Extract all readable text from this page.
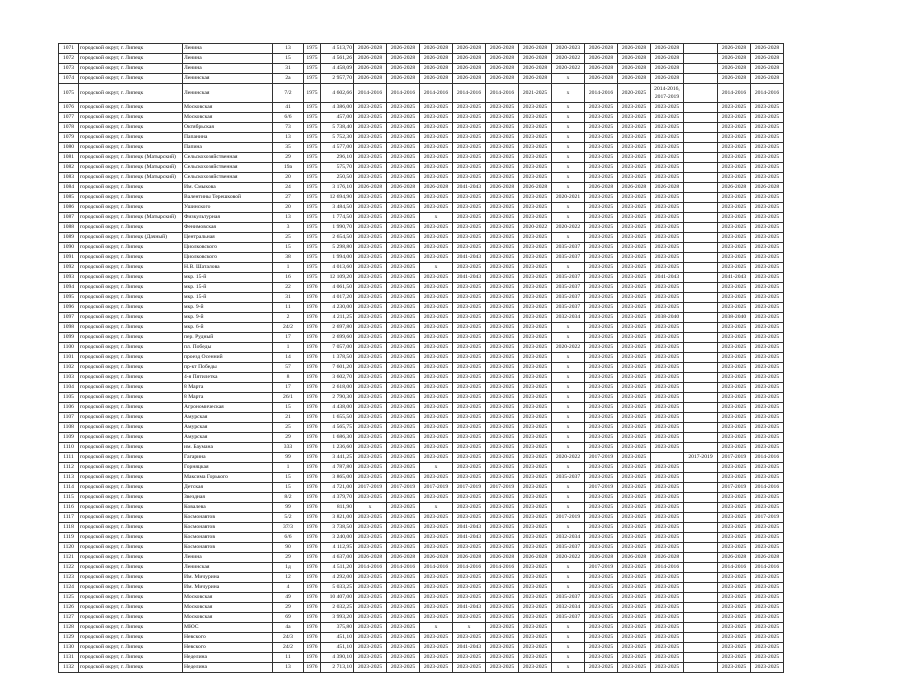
1071	городской округ, г. Липецк	Ленина	13	1975	4 513,70	2026-2028	2026-2028	2026-2028	2026-2028	2026-2028	2026-2028	2020-2023	2026-2028	2026-2028	2026-2028		2026-2028	2026-2028
1072	городской округ, г. Липецк	Ленина	15	1975	4 561,26	2026-2028	2026-2028	2026-2028	2026-2028	2026-2028	2026-2028	2020-2022	2026-2028	2026-2028	2026-2028		2026-2028	2026-2028
1073	городской округ, г. Липецк	Ленина	31	1975	4 458,09	2026-2028	2026-2028	2026-2028	2026-2028	2026-2028	2026-2028	2020-2022	2026-2028	2026-2028	2026-2028		2026-2028	2026-2028
1074	городской округ, г. Липецк	Ленинская	2а	1975	2 957,70	2026-2028	2026-2028	2026-2028	2026-2028	2026-2028	2026-2028	х	2026-2028	2026-2028	2026-2028		2026-2028	2026-2028
1075	городской округ, г. Липецк	Ленинская	7/2	1975	4 602,66	2014-2016	2014-2016	2014-2016	2014-2016	2014-2016	2021-2025	х	2014-2016	2020-2025	2014-2016, 2017-2019		2014-2016	2014-2016
1076	городской округ, г. Липецк	Московская	41	1975	4 386,00	2023-2025	2023-2025	2023-2025	2023-2025	2023-2025	2023-2025	х	2023-2025	2023-2025	2023-2025		2023-2025	2023-2025
1077	городской округ, г. Липецк	Московская	6/6	1975	457,00	2023-2025	2023-2025	2023-2025	2023-2025	2023-2025	2023-2025	х	2023-2025	2023-2025	2023-2025		2023-2025	2023-2025
1078	городской округ, г. Липецк	Октябрьская	73	1975	5 738,40	2023-2025	2023-2025	2023-2025	2023-2025	2023-2025	2023-2025	х	2023-2025	2023-2025	2023-2025		2023-2025	2023-2025
1079	городской округ, г. Липецк	Папанина	13	1975	5 752,30	2023-2025	2023-2025	2023-2025	2023-2025	2023-2025	2023-2025	х	2023-2025	2023-2025	2023-2025		2023-2025	2023-2025
1080	городской округ, г. Липецк	Папина	35	1975	4 577,00	2023-2025	2023-2025	2023-2025	2023-2025	2023-2025	2023-2025	х	2023-2025	2023-2025	2023-2025		2023-2025	2023-2025
1081	городской округ, г. Липецк (Матырский)	Сельскохозяйственная	29	1975	296,10	2023-2025	2023-2025	2023-2025	2023-2025	2023-2025	2023-2025	х	2023-2025	2023-2025	2023-2025		2023-2025	2023-2025
1082	городской округ, г. Липецк (Матырский)	Сельскохозяйственная	19а	1975	575,70	2023-2025	2023-2025	2023-2025	2023-2025	2023-2025	2023-2025	х	2023-2025	2023-2025	2023-2025		2023-2025	2023-2025
1083	городской округ, г. Липецк (Матырский)	Сельскохозяйственная	20	1975	250,50	2023-2025	2023-2025	2023-2025	2023-2025	2023-2025	2023-2025	х	2023-2025	2023-2025	2023-2025		2023-2025	2023-2025
1084	городской округ, г. Липецк	Им. Смыкова	24	1975	3 176,10	2026-2028	2026-2028	2026-2028	2041-2043	2026-2028	2026-2028	х	2026-2028	2026-2028	2026-2028		2026-2028	2026-2028
1085	городской округ, г. Липецк	Валентины Терешковой	27	1975	12 694,90	2023-2025	2023-2025	2023-2025	2023-2025	2023-2025	2023-2025	2020-2021	2023-2025	2023-2025	2023-2025		2023-2025	2023-2025
1086	городской округ, г. Липецк	Ушинского	20	1975	3 484,50	2023-2025	2023-2025	2023-2025	2023-2025	2023-2025	2023-2025	х	2023-2025	2023-2025	2023-2025		2023-2025	2023-2025
1087	городской округ, г. Липецк (Матырский)	Физкультурная	13	1975	1 774,50	2023-2025	2023-2025	х	2023-2025	2023-2025	2023-2025	х	2023-2025	2023-2025	2023-2025		2023-2025	2023-2025
1088	городской округ, г. Липецк	Фенимовская	3	1975	1 990,70	2023-2025	2023-2025	2023-2025	2023-2025	2023-2025	2020-2022	2020-2022	2023-2025	2023-2025	2023-2025		2023-2025	2023-2025
1089	городской округ, г. Липецк (Дачный)	Центральная	25	1975	2 654,50	2023-2025	2023-2025	2023-2025	2023-2025	2023-2025	2023-2025	х	2023-2025	2023-2025	2023-2025		2023-2025	2023-2025
1090	городской округ, г. Липецк	Циолковского	15	1975	5 298,80	2023-2025	2023-2025	2023-2025	2023-2025	2023-2025	2023-2025	2035-2037	2023-2025	2023-2025	2023-2025		2023-2025	2023-2025
1091	городской округ, г. Липецк	Циолковского	38	1975	1 994,00	2023-2025	2023-2025	2023-2025	2041-2043	2023-2025	2023-2025	2035-2037	2023-2025	2023-2025	2023-2025		2023-2025	2023-2025
1092	городской округ, г. Липецк	Н.В. Шаталова	1	1975	4 013,60	2023-2025	2023-2025	х	2023-2025	2023-2025	2023-2025	х	2023-2025	2023-2025	2023-2025		2023-2025	2023-2025
1093	городской округ, г. Липецк	мкр. 15-й	16	1975	12 109,20	2023-2025	2023-2025	2023-2025	2041-2043	2023-2025	2023-2025	2035-2037	2023-2025	2023-2025	2041-2043		2041-2043	2023-2025
1094	городской округ, г. Липецк	мкр. 15-й	22	1976	4 061,50	2023-2025	2023-2025	2023-2025	2023-2025	2023-2025	2023-2025	2035-2037	2023-2025	2023-2025	2023-2025		2023-2025	2023-2025
1095	городской округ, г. Липецк	мкр. 15-й	31	1976	4 017,20	2023-2025	2023-2025	2023-2025	2023-2025	2023-2025	2023-2025	2035-2037	2023-2025	2023-2025	2023-2025		2023-2025	2023-2025
1096	городской округ, г. Липецк	мкр. 9-й	11	1976	4 230,00	2023-2025	2023-2025	2023-2025	2023-2025	2023-2025	2023-2025	2035-2037	2023-2025	2023-2025	2023-2025		2023-2025	2023-2025
1097	городской округ, г. Липецк	мкр. 9-й	2	1976	4 211,25	2023-2025	2023-2025	2023-2025	2023-2025	2023-2025	2023-2025	2032-2034	2023-2025	2023-2025	2038-2040		2038-2040	2023-2025
1098	городской округ, г. Липецк	мкр. 6-й	24/2	1976	2 697,80	2023-2025	2023-2025	2023-2025	2023-2025	2023-2025	2023-2025	х	2023-2025	2023-2025	2023-2025		2023-2025	2023-2025
1099	городской округ, г. Липецк	пер. Рудный	17	1976	2 699,60	2023-2025	2023-2025	2023-2025	2023-2025	2023-2025	2023-2025	х	2023-2025	2023-2025	2023-2025		2023-2025	2023-2025
1100	городской округ, г. Липецк	пл. Победы	1	1976	7 057,00	2023-2025	2023-2025	2023-2025	2023-2025	2023-2025	2023-2025	2020-2022	2023-2025	2023-2025	2023-2025		2023-2025	2023-2025
1101	городской округ, г. Липецк	проезд Осенний	14	1976	1 378,50	2023-2025	2023-2025	2023-2025	2023-2025	2023-2025	2023-2025	х	2023-2025	2023-2025	2023-2025		2023-2025	2023-2025
1102	городской округ, г. Липецк	пр-кт Победы	57	1976	7 601,20	2023-2025	2023-2025	2023-2025	2023-2025	2023-2025	2023-2025	х	2023-2025	2023-2025	2023-2025		2023-2025	2023-2025
1103	городской округ, г. Липецк	4-я Пятилетка	8	1976	3 602,70	2023-2025	2023-2025	2023-2025	2023-2025	2023-2025	2023-2025	х	2023-2025	2023-2025	2023-2025		2023-2025	2023-2025
1104	городской округ, г. Липецк	8 Марта	17	1976	2 618,00	2023-2025	2023-2025	2023-2025	2023-2025	2023-2025	2023-2025	х	2023-2025	2023-2025	2023-2025		2023-2025	2023-2025
1105	городской округ, г. Липецк	8 Марта	26/1	1976	2 790,30	2023-2025	2023-2025	2023-2025	2023-2025	2023-2025	2023-2025	х	2023-2025	2023-2025	2023-2025		2023-2025	2023-2025
1106	городской округ, г. Липецк	Агрономическая	15	1976	4 438,00	2023-2025	2023-2025	2023-2025	2023-2025	2023-2025	2023-2025	х	2023-2025	2023-2025	2023-2025		2023-2025	2023-2025
1107	городской округ, г. Липецк	Амурская	21	1976	1 655,50	2023-2025	2023-2025	2023-2025	2023-2025	2023-2025	2023-2025	х	2023-2025	2023-2025	2023-2025		2023-2025	2023-2025
1108	городской округ, г. Липецк	Амурская	25	1976	4 565,75	2023-2025	2023-2025	2023-2025	2023-2025	2023-2025	2023-2025	х	2023-2025	2023-2025	2023-2025		2023-2025	2023-2025
1109	городской округ, г. Липецк	Амурская	29	1976	1 686,30	2023-2025	2023-2025	2023-2025	2023-2025	2023-2025	2023-2025	х	2023-2025	2023-2025	2023-2025		2023-2025	2023-2025
1110	городской округ, г. Липецк	им. Баумана	333	1976	1 236,60	2023-2025	2023-2025	2023-2025	2023-2025	2023-2025	2023-2025	х	2023-2025	2023-2025	2023-2025		2023-2025	2023-2025
1111	городской округ, г. Липецк	Гагарина	99	1976	3 441,25	2023-2025	2023-2025	2023-2025	2023-2025	2023-2025	2023-2025	2020-2022	2017-2019	2023-2025		2017-2019	2017-2019	2014-2016
1112	городской округ, г. Липецк	Горняцкая	1	1976	4 787,80	2023-2025	2023-2025	х	2023-2025	2023-2025	2023-2025	х	2023-2025	2023-2025	2023-2025		2023-2025	2023-2025
1113	городской округ, г. Липецк	Максима Горького	15	1976	3 865,00	2023-2025	2023-2025	2023-2025	2023-2025	2023-2025	2023-2025	2035-2037	2023-2025	2023-2025	2023-2025		2023-2025	2023-2025
1114	городской округ, г. Липецк	Детская	15	1976	4 721,00	2017-2019	2017-2019	2017-2019	2017-2019	2017-2019	2023-2025	х	2017-2019	2023-2025	2023-2025		2017-2019	2014-2016
1115	городской округ, г. Липецк	Звездная	8/2	1976	4 379,70	2023-2025	2023-2025	2023-2025	2023-2025	2023-2025	2023-2025	х	2023-2025	2023-2025	2023-2025		2023-2025	2023-2025
1116	городской округ, г. Липецк	Ковалева	99	1976	811,90	х	2023-2025	х	2023-2025	2023-2025	2023-2025	х	2023-2025	2023-2025	2023-2025		2023-2025	2023-2025
1117	городской округ, г. Липецк	Космонавтов	5/2	1976	3 821,00	2023-2025	2023-2025	2023-2025	2023-2025	2023-2025	2023-2025	2017-2019	2023-2025	2023-2025	2023-2025		2023-2025	2017-2019
1118	городской округ, г. Липецк	Космонавтов	37/3	1976	3 738,50	2023-2025	2023-2025	2023-2025	2041-2043	2023-2025	2023-2025	х	2023-2025	2023-2025	2023-2025		2023-2025	2023-2025
1119	городской округ, г. Липецк	Космонавтов	6/6	1976	3 240,00	2023-2025	2023-2025	2023-2025	2041-2043	2023-2025	2023-2025	2032-2034	2023-2025	2023-2025	2023-2025		2023-2025	2023-2025
1120	городской округ, г. Липецк	Космонавтов	90	1976	4 112,95	2023-2025	2023-2025	2023-2025	2023-2025	2023-2025	2023-2025	2035-2037	2023-2025	2023-2025	2023-2025		2023-2025	2023-2025
1121	городской округ, г. Липецк	Ленина	29	1976	4 637,00	2026-2028	2026-2028	2026-2028	2026-2028	2026-2028	2026-2028	2020-2022	2026-2028	2026-2028	2026-2028		2026-2028	2026-2028
1122	городской округ, г. Липецк	Ленинская	1д	1976	4 511,20	2014-2016	2014-2016	2014-2016	2014-2016	2014-2016	2023-2025	х	2017-2019	2023-2025	2014-2016		2014-2016	2014-2016
1123	городской округ, г. Липецк	Им. Мичурина	12	1976	4 292,00	2023-2025	2023-2025	2023-2025	2023-2025	2023-2025	2023-2025	х	2023-2025	2023-2025	2023-2025		2023-2025	2023-2025
1124	городской округ, г. Липецк	Им. Мичурина	4	1976	5 033,25	2023-2025	2023-2025	2023-2025	2023-2025	2023-2025	2023-2025	х	2023-2025	2023-2025	2023-2025		2023-2025	2023-2025
1125	городской округ, г. Липецк	Московская	49	1976	10 407,00	2023-2025	2023-2025	2023-2025	2023-2025	2023-2025	2023-2025	2035-2037	2023-2025	2023-2025	2023-2025		2023-2025	2023-2025
1126	городской округ, г. Липецк	Московская	29	1976	2 032,25	2023-2025	2023-2025	2023-2025	2041-2043	2023-2025	2023-2025	2032-2034	2023-2025	2023-2025	2023-2025		2023-2025	2023-2025
1127	городской округ, г. Липецк	Московская	69	1976	3 993,20	2023-2025	2023-2025	2023-2025	2023-2025	2023-2025	2023-2025	2035-2037	2023-2025	2023-2025	2023-2025		2023-2025	2023-2025
1128	городской округ, г. Липецк	МЮС	4а	1976	375,80	2023-2025	2023-2025	х	х	2023-2025	2023-2025	х	2023-2025	2023-2025	2023-2025		2023-2025	2023-2025
1129	городской округ, г. Липецк	Невского	24/3	1976	451,10	2023-2025	2023-2025	2023-2025	2023-2025	2023-2025	2023-2025	х	2023-2025	2023-2025	2023-2025		2023-2025	2023-2025
1130	городской округ, г. Липецк	Невского	24/2	1976	451,10	2023-2025	2023-2025	2023-2025	2041-2043	2023-2025	2023-2025	х	2023-2025	2023-2025	2023-2025		2023-2025	2023-2025
1131	городской округ, г. Липецк	Неделина	11	1976	4 390,10	2023-2025	2023-2025	2023-2025	2023-2025	2023-2025	2023-2025	х	2023-2025	2023-2025	2023-2025		2023-2025	2023-2025
1132	городской округ, г. Липецк	Неделина	13	1976	2 713,10	2023-2025	2023-2025	2023-2025	2023-2025	2023-2025	2023-2025	х	2023-2025	2023-2025	2023-2025		2023-2025	2023-2025
